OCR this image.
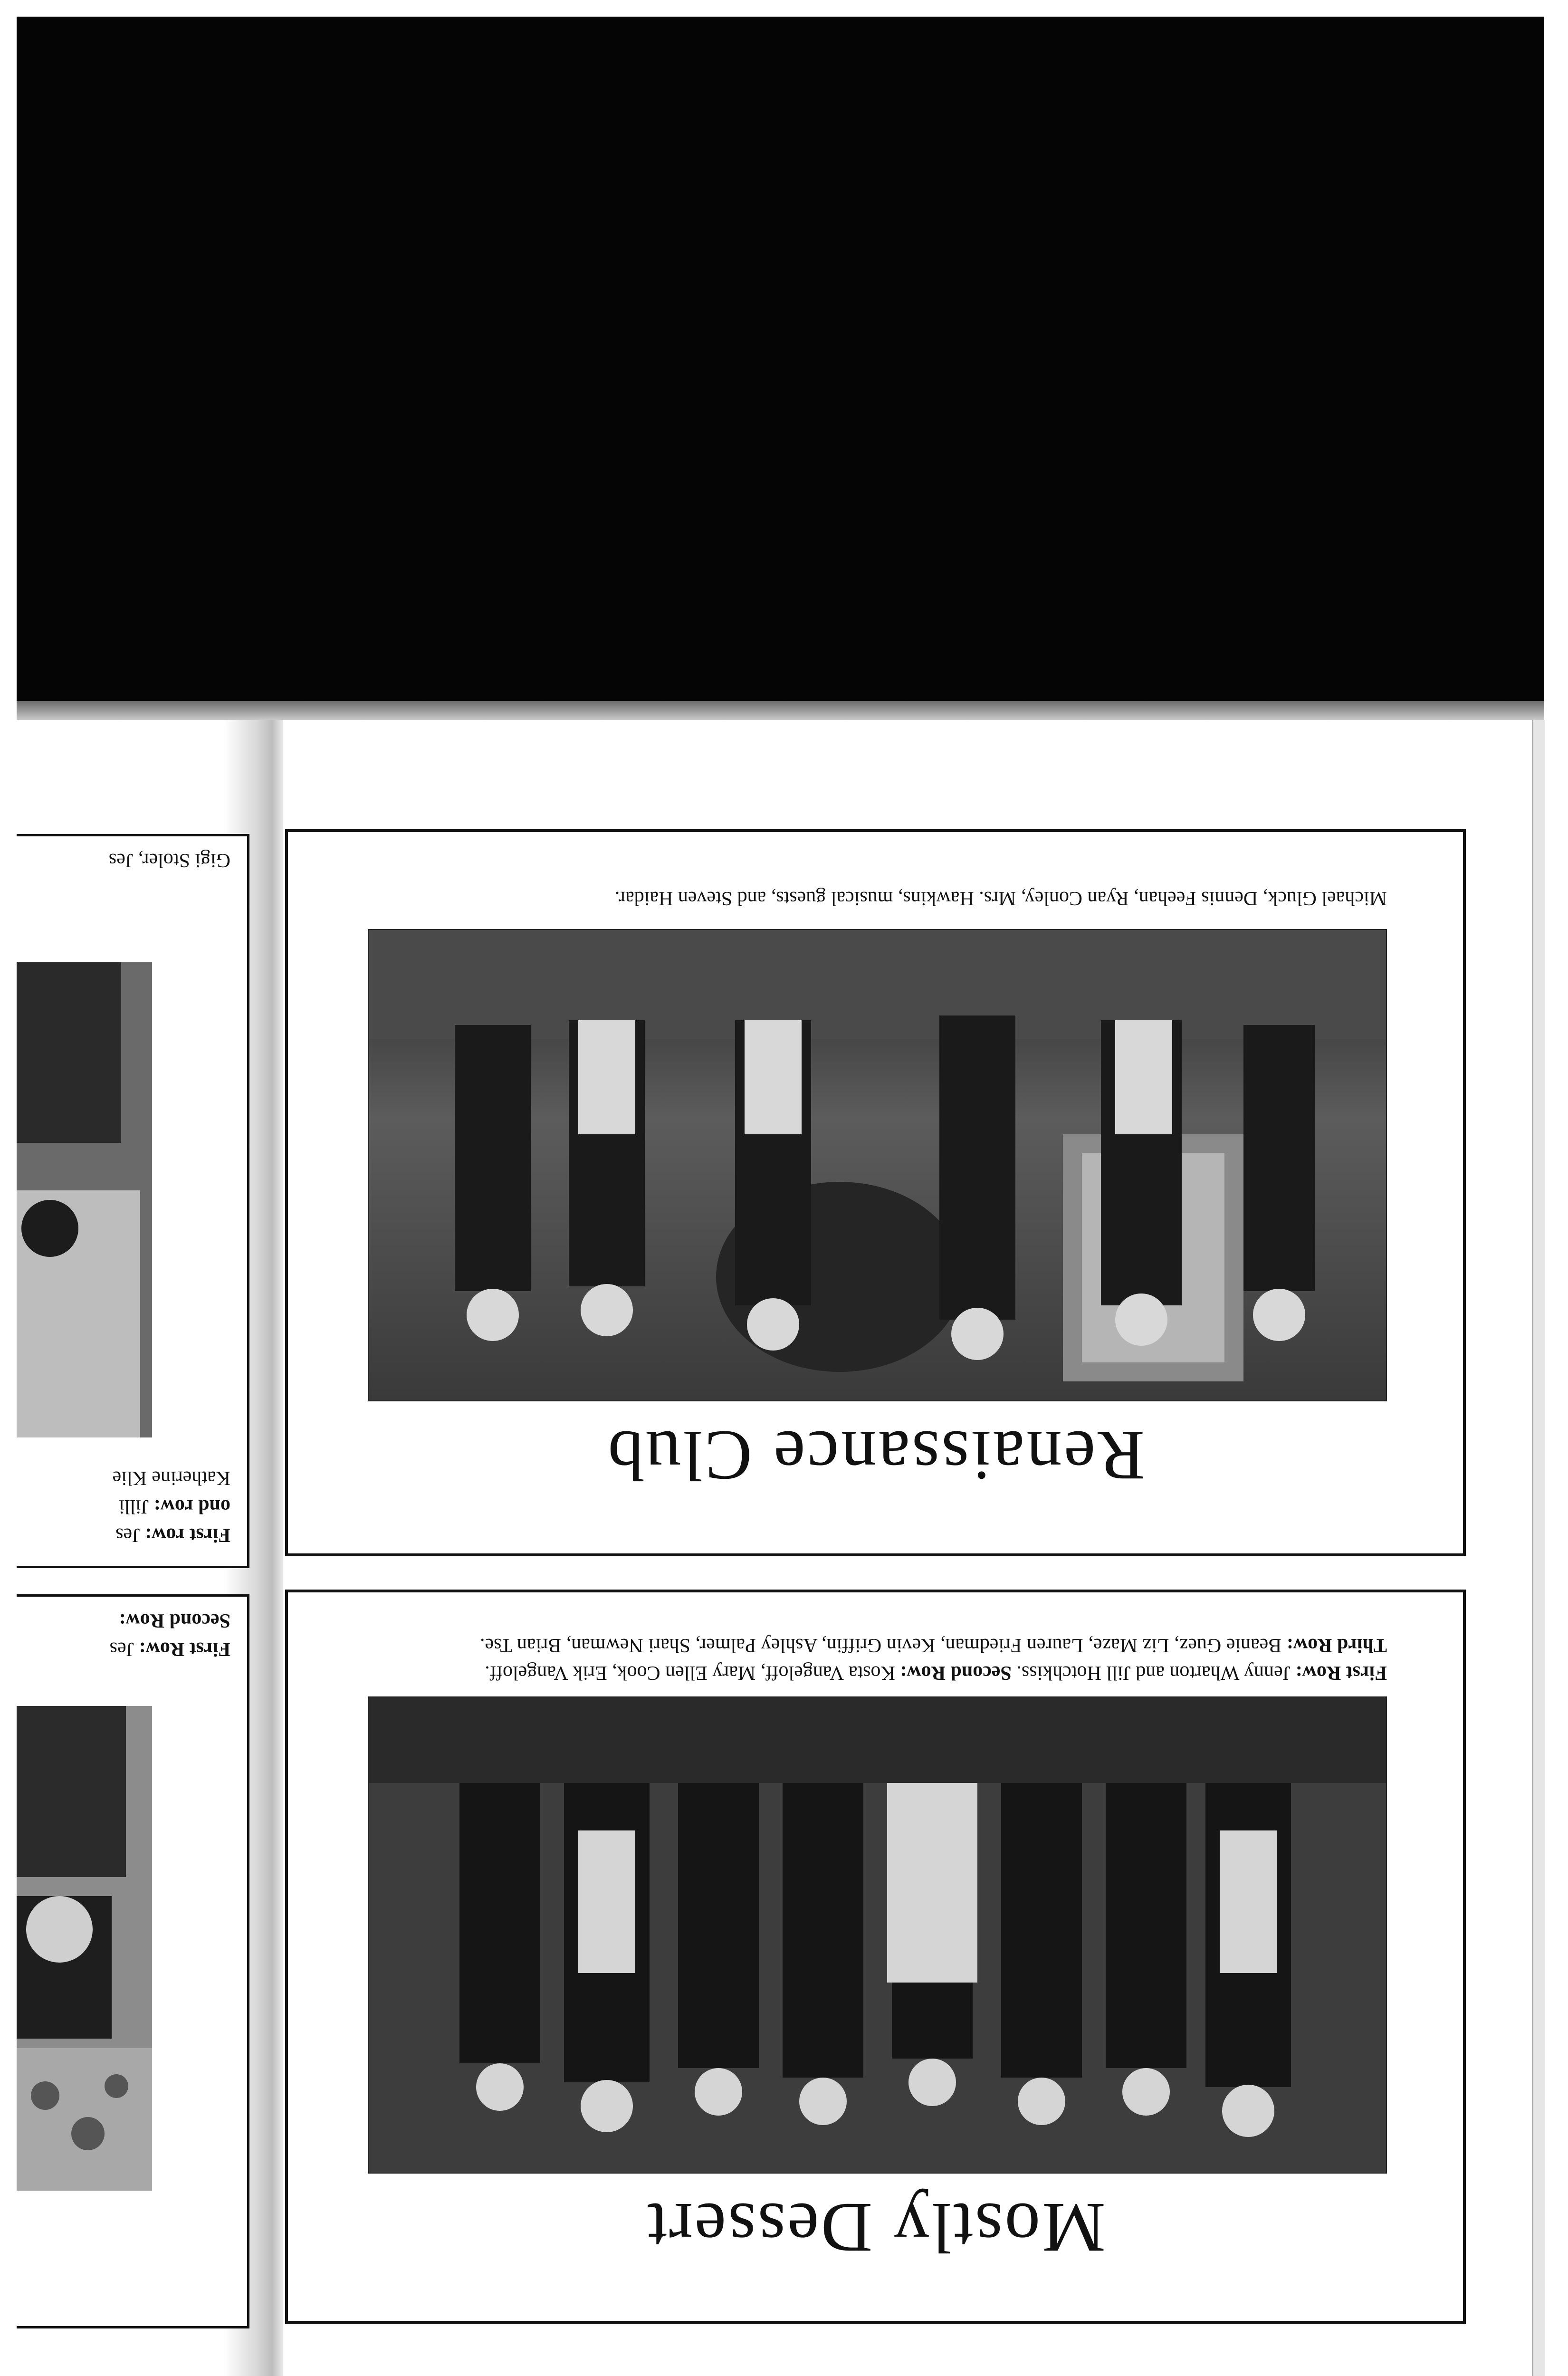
Renaissance Club
Michael Gluck, Dennis Feehan, Ryan Conley, Mrs. Hawkins, musical guests, and Steven Haidar.
Mostly Dessert
First Row: Jenny Wharton and Jill Hotchkiss. Second Row: Kosta Vangeloff, Mary Ellen Cook, Erik Vangeloff.
Third Row: Beanie Guez, Liz Maze, Lauren Friedman, Kevin Griffin, Ashley Palmer, Shari Newman, Brian Tse.
First row: Jes
ond row: Jilli
Katherine Klie
Gigi Stoler, Jes
First Row: Jes
Second Row:
